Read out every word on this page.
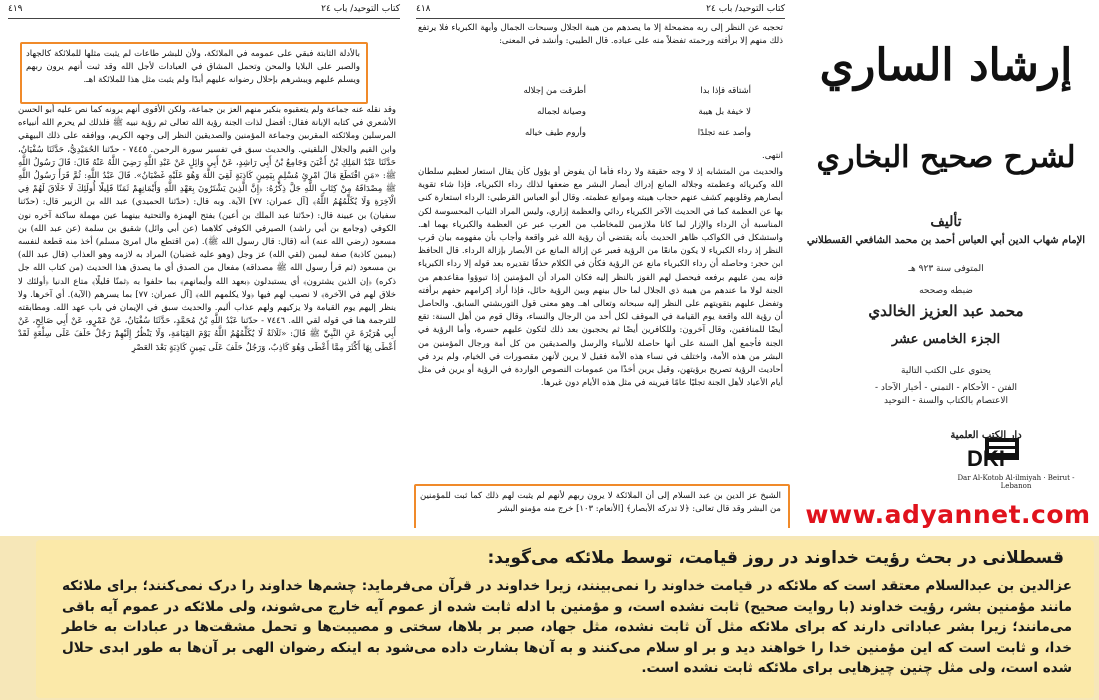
٤١٩	كتاب التوحيد/ باب ٢٤
بالأدلة الثابتة فبقي على عمومه في الملائكة، ولأن للبشر طاعات لم يثبت مثلها للملائكة كالجهاد والصبر على البلايا والمحن وتحمل المشاق في العبادات لأجل الله وقد ثبت أنهم يرون ربهم ويسلم عليهم ويبشرهم بإحلال رضوانه عليهم أبدًا ولم يثبت مثل هذا للملائكة اهـ.
وقد نقله عنه جماعة ولم يتعقبوه بنكير منهم العز بن جماعة، ولكن الأقوى أنهم يرونه كما نص عليه أبو الحسن الأشعري في كتابه الإبانة فقال: أفضل لذات الجنة رؤية الله تعالى ثم رؤية نبيه ﷺ فلذلك لم يحرم الله أنبياءه المرسلين وملائكته المقربين وجماعة المؤمنين والصديقين النظر إلى وجهه الكريم، ووافقه على ذلك البيهقي وابن القيم والجلال البلقيني. والحديث سبق في تفسير سورة الرحمن. ٧٤٤٥ - حدّثنا الحُمَيْدِيُّ، حَدَّثَنَا سُفْيَانُ، حَدَّثَنَا عَبْدُ المَلِكِ بْنُ أَعْيَنَ وَجَامِعُ بْنُ أَبِي رَاشِدٍ، عَنْ أَبِي وَائِلٍ عَنْ عَبْدِ اللَّهِ رَضِيَ اللَّهُ عَنْهُ قَالَ: قَالَ رَسُولُ اللَّهِ ﷺ: «مَنِ اقْتَطَعَ مَالَ امْرِئٍ مُسْلِمٍ بِيَمِينٍ كَاذِبَةٍ لَقِيَ اللَّهَ وَهُوَ عَلَيْهِ غَضْبَانُ». قَالَ عَبْدُ اللَّهِ: ثُمَّ قَرَأَ رَسُولُ اللَّهِ ﷺ مِصْدَاقَهُ مِنْ كِتَابِ اللَّهِ جَلَّ ذِكْرُهُ: ﴿إِنَّ الَّذِينَ يَشْتَرُونَ بِعَهْدِ اللَّهِ وَأَيْمَانِهِمْ ثَمَنًا قَلِيلًا أُولَئِكَ لَا خَلَاقَ لَهُمْ فِي الْآخِرَةِ وَلَا يُكَلِّمُهُمُ اللَّهُ﴾ [آل عمران: ٧٧] الآية. وبه قال: (حدّثنا الحميدي) عبد الله بن الزبير قال: (حدّثنا سفيان) بن عيينة قال: (حدّثنا عبد الملك بن أعين) بفتح الهمزة والتحتية بينهما عين مهملة ساكنة آخره نون الكوفي (وجامع بن أبي راشد) الصيرفي الكوفي كلاهما (عن أبي وائل) شقيق بن سلمة (عن عبد الله) بن مسعود (رضي الله عنه) أنه (قال: قال رسول الله ﷺ). (من اقتطع مال امرئ مسلم) أخذ منه قطعة لنفسه (بيمين كاذبة) صفة ليمين (لقي الله) عز وجل (وهو عليه غضبان) المراد به لازمه وهو العذاب (قال عبد الله) بن مسعود (ثم قرأ رسول الله ﷺ مصداقه) مفعال من الصدق أي ما يصدق هذا الحديث (من كتاب الله جل ذكره) ﴿إن الذين يشترون﴾ أي يستبدلون ﴿بعهد الله وأيمانهم﴾ بما حلفوا به ﴿ثمنًا قليلًا﴾ متاع الدنيا ﴿أولئك لا خلاق لهم في الآخرة﴾ لا نصيب لهم فيها ﴿ولا يكلمهم الله﴾ [آل عمران: ٧٧] بما يسرهم (الآية). أي آخرها. ولا ينظر إليهم يوم القيامة ولا يزكيهم ولهم عذاب أليم. والحديث سبق في الإيمان في باب عهد الله. ومطابقته للترجمة هنا في قوله لقي الله. ٧٤٤٦ - حدّثنا عَبْدُ اللَّهِ بْنُ مُحَمَّدٍ، حَدَّثَنَا سُفْيَانُ، عَنْ عَمْرٍو، عَنْ أَبِي صَالِحٍ، عَنْ أَبِي هُرَيْرَةَ عَنِ النَّبِيِّ ﷺ قَالَ: «ثَلَاثَةٌ لَا يُكَلِّمُهُمُ اللَّهُ يَوْمَ القِيَامَةِ، وَلَا يَنْظُرُ إِلَيْهِمْ رَجُلٌ حَلَفَ عَلَى سِلْعَةٍ لَقَدْ أَعْطَى بِهَا أَكْثَرَ مِمَّا أَعْطَى وَهُوَ كَاذِبٌ، وَرَجُلٌ حَلَفَ عَلَى يَمِينٍ كَاذِبَةٍ بَعْدَ العَصْرِ
كتاب التوحيد/ باب ٢٤
٤١٨
تحجبه عن النظر إلى ربه مضمحلة إلا ما يصدهم من هيبة الجلال وسبحات الجمال وأبهة الكبرياء فلا يرتفع ذلك منهم إلا برأفته ورحمته تفضلاً منه على عباده. قال الطيبي: وأنشد في المعنى:
أشتاقه فإذا بدا
أطرقت من إجلاله
لا خيفة بل هيبة
وصيانة لجماله
وأصد عنه تجلدًا
وأروم طيف خياله
انتهى.
والحديث من المتشابه إذ لا وجه حقيقة ولا رداء فأما أن يفوض أو يؤول كأن يقال استعار لعظيم سلطان الله وكبريائه وعظمته وجلاله المانع إدراك أبصار البشر مع ضعفها لذلك رداء الكبرياء، فإذا شاء تقوية أبصارهم وقلوبهم كشف عنهم حجاب هيبته وموانع عظمته. وقال أبو العباس القرطبي: الرداء استعارة كنى بها عن العظمة كما في الحديث الآخر الكبرياء ردائي والعظمة إزاري، وليس المراد الثياب المحسوسة لكن المناسبة أن الرداء والإزار لما كانا ملازمين للمخاطب من العرب عبر عن العظمة والكبرياء بهما اهـ. واستشكل في الكواكب ظاهر الحديث بأنه يقتضي أن رؤية الله غير واقعة وأجاب بأن مفهومه بيان قرب النظر إذ رداء الكبرياء لا يكون مانعًا من الرؤية فعبر عن إزالة المانع عن الأبصار بإزالة الرداء. قال الحافظ ابن حجر: وحاصله أن رداء الكبرياء مانع عن الرؤية فكأن في الكلام حذفًا تقديره بعد قوله إلا رداء الكبرياء فإنه يمن عليهم برفعه فيحصل لهم الفوز بالنظر إليه فكان المراد أن المؤمنين إذا تبوؤوا مقاعدهم من الجنة لولا ما عندهم من هيبة ذي الجلال لما حال بينهم وبين الرؤية حائل، فإذا أراد إكرامهم حفهم برأفته وتفضل عليهم بتقويتهم على النظر إليه سبحانه وتعالى اهـ. وهو معنى قول التوربشتي السابق. والحاصل أن رؤية الله واقعة يوم القيامة في الموقف لكل أحد من الرجال والنساء، وقال قوم من أهل السنة: تقع أيضًا للمنافقين، وقال آخرون: وللكافرين أيضًا ثم يحجبون بعد ذلك لتكون عليهم حسرة، وأما الرؤية في الجنة فأجمع أهل السنة على أنها حاصلة للأنبياء والرسل والصديقين من كل أمة ورجال المؤمنين من البشر من هذه الأمة، واختلف في نساء هذه الأمة فقيل لا يرين لأنهن مقصورات في الخيام، ولم يرد في أحاديث الرؤية تصريح برؤيتهن، وقيل يرين أخذًا من عمومات النصوص الواردة في الرؤية أو يرين في مثل أيام الأعياد لأهل الجنة تجليًا عامًا فيرينه في مثل هذه الأيام دون غيرها.
الشيخ عز الدين بن عبد السلام إلى أن الملائكة لا يرون ربهم لأنهم لم يثبت لهم ذلك كما ثبت للمؤمنين من البشر وقد قال تعالى: ﴿لا تدركه الأبصار﴾ [الأنعام: ١٠٣] خرج منه مؤمنو البشر
إرشاد الساري
لشرح صحيح البخاري
تأليف
الإمام شهاب الدين أبي العباس أحمد بن محمد الشافعي القسطلاني
المتوفى سنة ٩٢٣ هـ
ضبطه وصححه
محمد عبد العزيز الخالدي
الجزء الخامس عشر
يحتوي على الكتب التالية
الفتن - الأحكام - التمني - أخبار الآحاد - الاعتصام بالكتاب والسنة - التوحيد
دار الكتب العلمية
DKI
Dar Al-Kotob Al-ilmiyah · Beirut - Lebanon
www.adyannet.com
قسطلانی در بحث رؤیت خداوند در روز قیامت، توسط ملائکه می‌گوید:
عزالدین بن عبدالسلام معتقد است که ملائکه در قیامت خداوند را نمی‌بینند، زیرا خداوند در قرآن می‌فرماید: چشم‌ها خداوند را درک نمی‌کنند؛ برای ملائکه مانند مؤمنین بشر، رؤیت خداوند (با روایت صحیح) ثابت نشده است، و مؤمنین با ادله ثابت شده از عموم آیه خارج می‌شوند، ولی ملائکه در عموم آیه باقی می‌مانند؛ زیرا بشر عباداتی دارند که برای ملائکه مثل آن ثابت نشده، مثل جهاد، صبر بر بلاها، سختی و مصیبت‌ها و تحمل مشقت‌ها در عبادات به خاطر خدا، و ثابت است که این مؤمنین خدا را خواهند دید و بر او سلام می‌کنند و به آن‌ها بشارت داده می‌شود به اینکه رضوان الهی بر آن‌ها به طور ابدی حلال شده است، ولی مثل چنین چیزهایی برای ملائکه ثابت نشده است.
